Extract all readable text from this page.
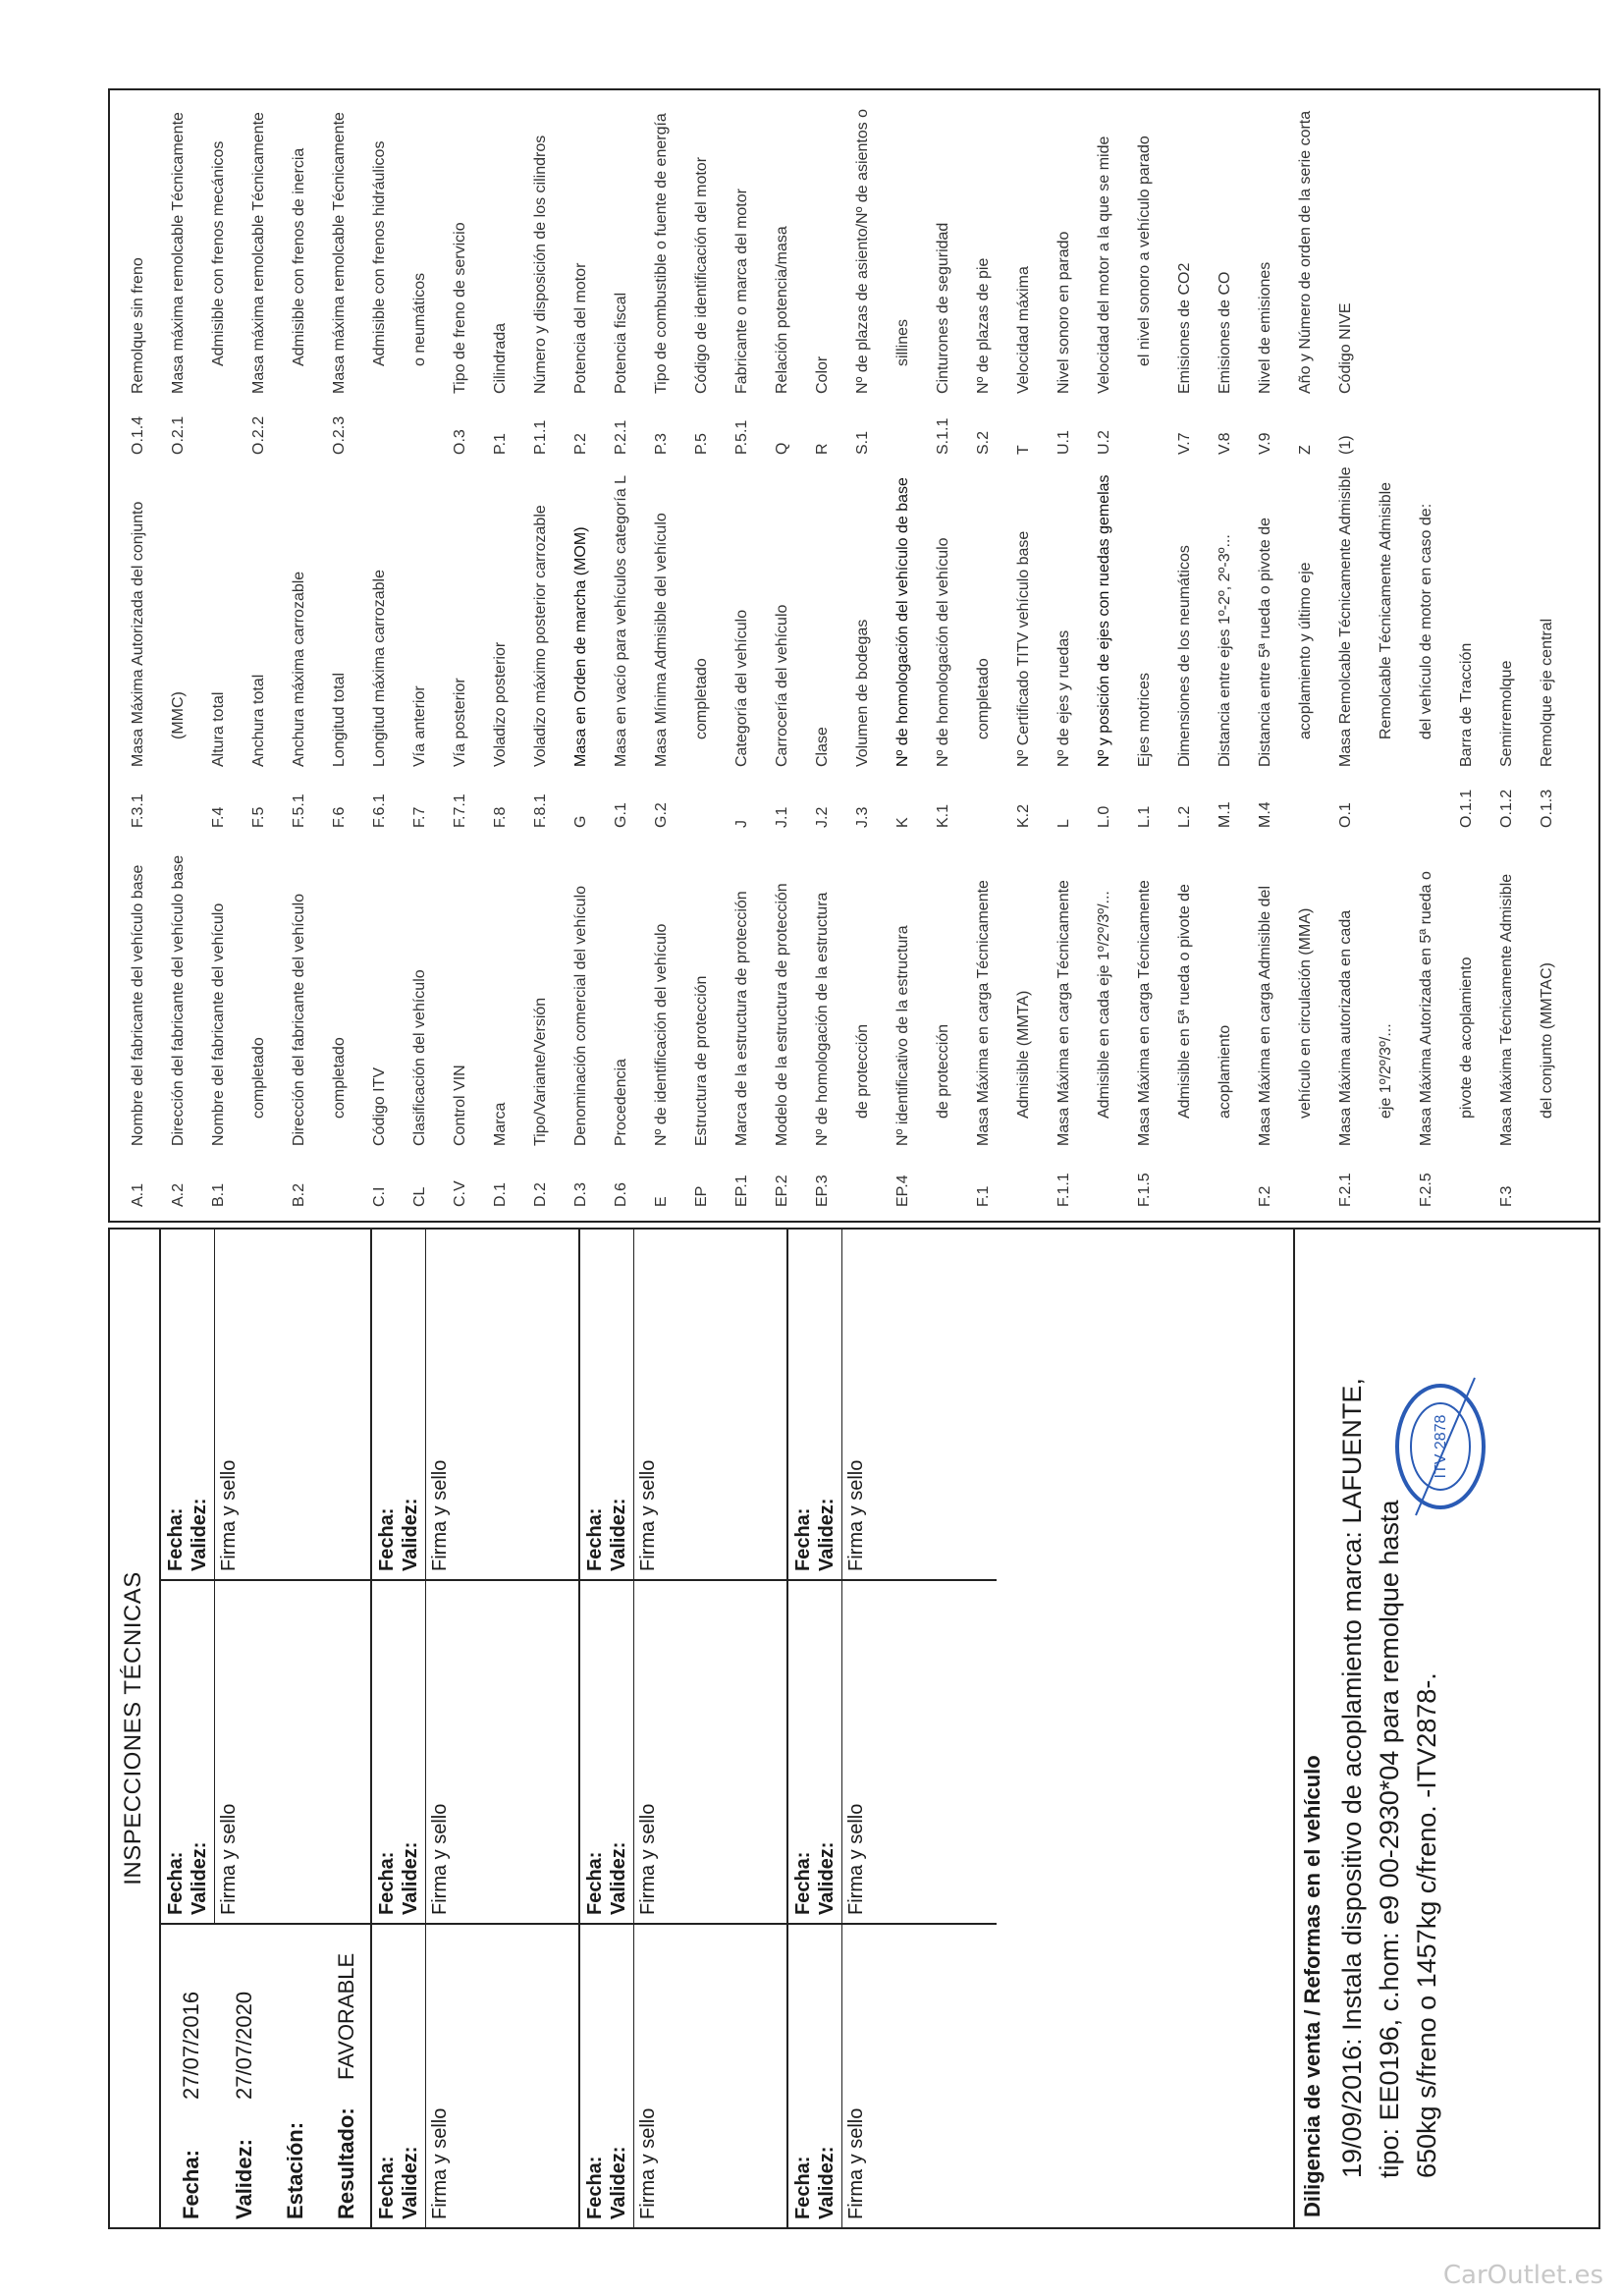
INSPECCIONES TÉCNICAS
Fecha:
27/07/2016
Validez:
27/07/2020
Estación: Resultado:
FAVORABLE
Fecha: Validez: Firma y sello
Fecha: Validez: Firma y sello
Fecha: Validez: Firma y sello
Fecha: Validez: Firma y sello
Fecha: Validez: Firma y sello
Fecha: Validez: Firma y sello
Fecha: Validez: Firma y sello
Fecha: Validez: Firma y sello
Fecha: Validez: Firma y sello
Fecha: Validez: Firma y sello
Fecha: Validez: Firma y sello
Diligencia de venta / Reformas en el vehículo 19/09/2016: Instala dispositivo de acoplamiento marca: LAFUENTE, tipo: EE0196, c.hom: e9 00-2930*04 para remolque hasta 650kg s/freno o 1457kg c/freno. -ITV2878-.
ITV 2878
A.1
Nombre del fabricante del vehículo base
A.2
Dirección del fabricante del vehículo base
B.1
Nombre del fabricante del vehículo completado
B.2
Dirección del fabricante del vehículo completado
C.I
Código ITV
CL
Clasificación del vehículo
C.V
Control VIN
D.1
Marca
D.2
Tipo/Variante/Versión
D.3
Denominación comercial del vehículo
D.6
Procedencia
E
Nº de identificación del vehículo
EP
Estructura de protección
EP.1
Marca de la estructura de protección
EP.2
Modelo de la estructura de protección
EP.3
Nº de homologación de la estructura de protección
EP.4
Nº identificativo de la estructura de protección
F.1
Masa Máxima en carga Técnicamente Admisible (MMTA)
F.1.1
Masa Máxima en carga Técnicamente Admisible en cada eje 1º/2º/3º/...
F.1.5
Masa Máxima en carga Técnicamente Admisible en 5ª rueda o pivote de acoplamiento
F.2
Masa Máxima en carga Admisible del vehículo en circulación (MMA)
F.2.1
Masa Máxima autorizada en cada eje 1º/2º/3º/...
F.2.5
Masa Máxima Autorizada en 5ª rueda o pivote de acoplamiento
F.3
Masa Máxima Técnicamente Admisible del conjunto (MMTAC)
F.3.1
Masa Máxima Autorizada del conjunto (MMC)
F.4
Altura total
F.5
Anchura total
F.5.1
Anchura máxima carrozable
F.6
Longitud total
F.6.1
Longitud máxima carrozable
F.7
Vía anterior
F.7.1
Vía posterior
F.8
Voladizo posterior
F.8.1
Voladizo máximo posterior carrozable
G
Masa en Orden de marcha (MOM)
G.1
Masa en vacío para vehículos categoría L
G.2
Masa Mínima Admisible del vehículo completado
J
Categoría del vehículo
J.1
Carrocería del vehículo
J.2
Clase
J.3
Volumen de bodegas
K
Nº de homologación del vehículo de base
K.1
Nº de homologación del vehículo completado
K.2
Nº Certificado TITV vehículo base
L
Nº de ejes y ruedas
L.0
Nº y posición de ejes con ruedas gemelas
L.1
Ejes motrices
L.2
Dimensiones de los neumáticos
M.1
Distancia entre ejes 1º-2º, 2º-3º...
M.4
Distancia entre 5ª rueda o pivote de acoplamiento y último eje
O.1
Masa Remolcable Técnicamente Admisible Remolcable Técnicamente Admisible del vehículo de motor en caso de:
O.1.1
Barra de Tracción
O.1.2
Semirremolque
O.1.3
Remolque eje central
O.1.4
Remolque sin freno
O.2.1
Masa máxima remolcable Técnicamente Admisible con frenos mecánicos
O.2.2
Masa máxima remolcable Técnicamente Admisible con frenos de inercia
O.2.3
Masa máxima remolcable Técnicamente Admisible con frenos hidráulicos o neumáticos
O.3
Tipo de freno de servicio
P.1
Cilindrada
P.1.1
Número y disposición de los cilindros
P.2
Potencia del motor
P.2.1
Potencia fiscal
P.3
Tipo de combustible o fuente de energía
P.5
Código de identificación del motor
P.5.1
Fabricante o marca del motor
Q
Relación potencia/masa
R
Color
S.1
Nº de plazas de asiento/Nº de asientos o sillines
S.1.1
Cinturones de seguridad
S.2
Nº de plazas de pie
T
Velocidad máxima
U.1
Nivel sonoro en parado
U.2
Velocidad del motor a la que se mide el nivel sonoro a vehículo parado
V.7
Emisiones de CO2
V.8
Emisiones de CO
V.9
Nivel de emisiones
Z
Año y Número de orden de la serie corta
(1)
Código NIVE
CarOutlet.es
